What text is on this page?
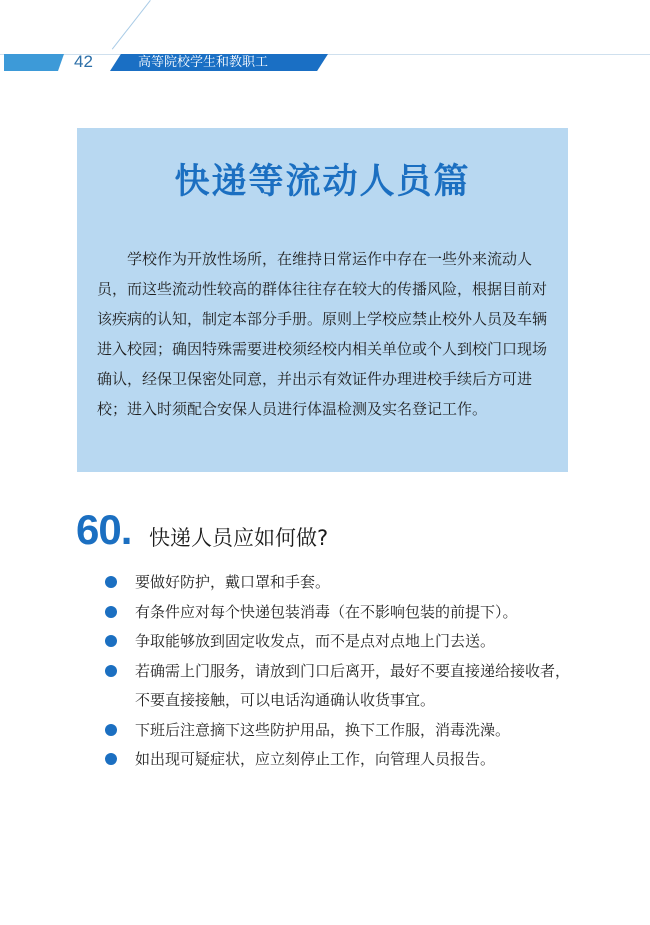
42	高等院校学生和教职工
快递等流动人员篇

学校作为开放性场所，在维持日常运作中存在一些外来流动人员，而这些流动性较高的群体往往存在较大的传播风险，根据目前对该疾病的认知，制定本部分手册。原则上学校应禁止校外人员及车辆进入校园；确因特殊需要进校须经校内相关单位或个人到校门口现场确认，经保卫保密处同意，并出示有效证件办理进校手续后方可进校；进入时须配合安保人员进行体温检测及实名登记工作。

60. 快递人员应如何做?
要做好防护，戴口罩和手套。
有条件应对每个快递包装消毒（在不影响包装的前提下）。
争取能够放到固定收发点，而不是点对点地上门去送。
若确需上门服务，请放到门口后离开，最好不要直接递给接收者，不要直接接触，可以电话沟通确认收货事宜。
下班后注意摘下这些防护用品，换下工作服，消毒洗澡。
如出现可疑症状，应立刻停止工作，向管理人员报告。
